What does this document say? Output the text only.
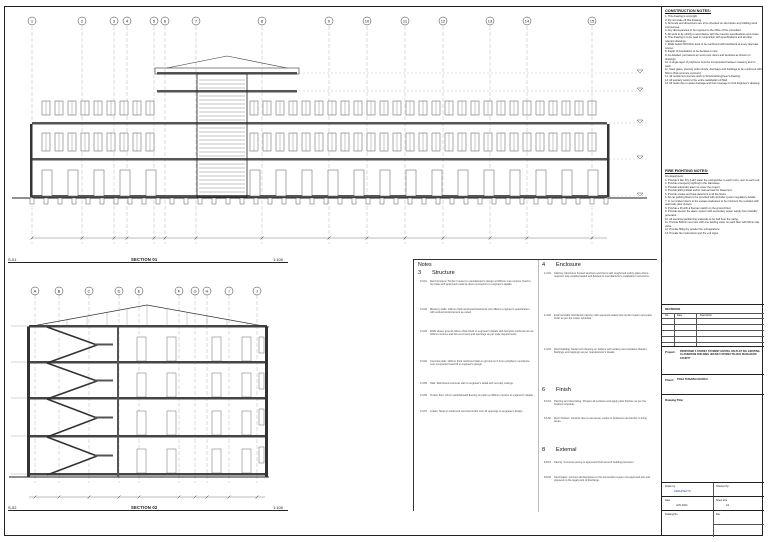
1	2	3	4	5 6	7	8	9	10	11	12	13	14	15
S-01	SECTION 01	1:100
A	B	C	D	E	F	G H	I	J
S-02	SECTION 02	1:100
Notes
3 Structure
3.3.01 Roof structure: Timber trusses to manufacturer's design at 600mm max centres, fixed to top plate with approved metal tie-down connectors to engineer's details.
3.3.02 Masonry walls: 190mm thick reinforced blockwork core filled to engineer's specification with vertical reinforcement as noted.
3.3.03 Walls above ground: 90mm thick block to engineer's details with bed joint reinforcement at 400mm centres and ties at corners and openings as per code requirements.
3.3.04 Concrete slab: 100mm thick reinforced slab on ground on 0.2mm polythene membrane over compacted sand fill to engineer's design.
3.3.05 Stair: Reinforced concrete stair to engineer's detail with non-slip nosings.
3.3.06 Timber floor: 22mm particleboard flooring on joists at 450mm centres to engineer's details.
3.3.07 Lintels: Steel or reinforced concrete lintels over all openings to engineer's design.
4 Enclosure
4.4.01 Glazing: Aluminium framed windows and doors with toughened safety glass where required, fully weathersealed and flashed to manufacturer's installation instructions.
4.4.02 External walls: Rendered masonry with approved waterproof render system and paint finish as per the colour schedule.
4.4.03 Roof cladding: Metal roof sheeting on battens with sarking and insulation blanket, flashings and cappings as per manufacturer's details.
6 Finish
6.6.01 Painting and decorating: Prepare all surfaces and apply paint finishes as per the finishes schedule.
6.6.02 Floor finishes: Ceramic tiles to wet areas, carpet to bedrooms and timber to living areas.
8 External
8.8.01 Paving: Concrete paving to approved finish around building perimeter.
8.8.02 Stormwater: Connect all downpipes to the stormwater system via approved pits and pipework to the legal point of discharge.
CONSTRUCTION NOTES:
1. This drawing is copyright.
2. Do not scale off this drawing.
3. All levels and dimensions are to be checked on site before any building work commences.
4. Any discrepancies to be reported to the office of the consultant.
5. All work to be strictly in accordance with the relevant specifications and codes.
6. This drawing is to be read in conjunction with specifications and all other relevant drawings.
7. Walls below DPC/floor level to be reinforced with blockwork at every alternate course.
8. Depth of foundations to be decided on site.
9. As detailed, permanent air vents over doors and windows as shown on drawings.
10. A single layer of polythene must be incorporated between masonry and rc. work.
11. Steel gates, piercing under lintels, doorways and buildings to be reinforced with 60mm thick concrete surround.
12. All reinforced concrete work to Structural Engineer's drawing.
13. All sanitary works to the entire satisfaction of Mall.
14. All roads due to water drainage and fuel coverage to Civil Engineer's drawing.
FIRE FIGHTING NOTES:
Fire Equipment:
1. Provide 9 liter Dry (LaF) water fire extinguisher in each room, next to each exit.
2. Provide emergency lighting in the staircases.
3. Provide automatic alarm to cover the project.
4. Provide ESS pullstat and/or manual load for basement.
5. Provide smoke and heat detectors in all the floors.
6. All car parking floors to be provided with sprinkler system regulatory details.
7. In no incident doors to the escape staircases to be minimum fire resistant with automatic door closers.
8. Provide a lift with a fireman switch on the ground floor.
9. Provide electric fire alarm system with secondary power supply from standby generator.
10. All electrical partitioning materials to be half hour fire rating.
11. Provide 600mm wet riser with one landing valve on each floor with 60mm dia valve.
12. Provide 50kg dry powder fire extinguishers.
13. Provide fire instructions and fire exit signs.
REVISIONS
No.	Date	Description
Project: PROPOSED 4 STOREY STUDENT HOSTEL ON PLOT NO. EXISTING CLASSROOM BUILDING HOUSE 5 STOREY BLOCK MACHAKOS COUNTY
Client: PCEA TUMAINI CHURCH
Drawing Title:
Drawn by:
ARCHITECTS
Checked by:
Date
JAN 2024
Sheet size
A1
Drawing No.	Rev
